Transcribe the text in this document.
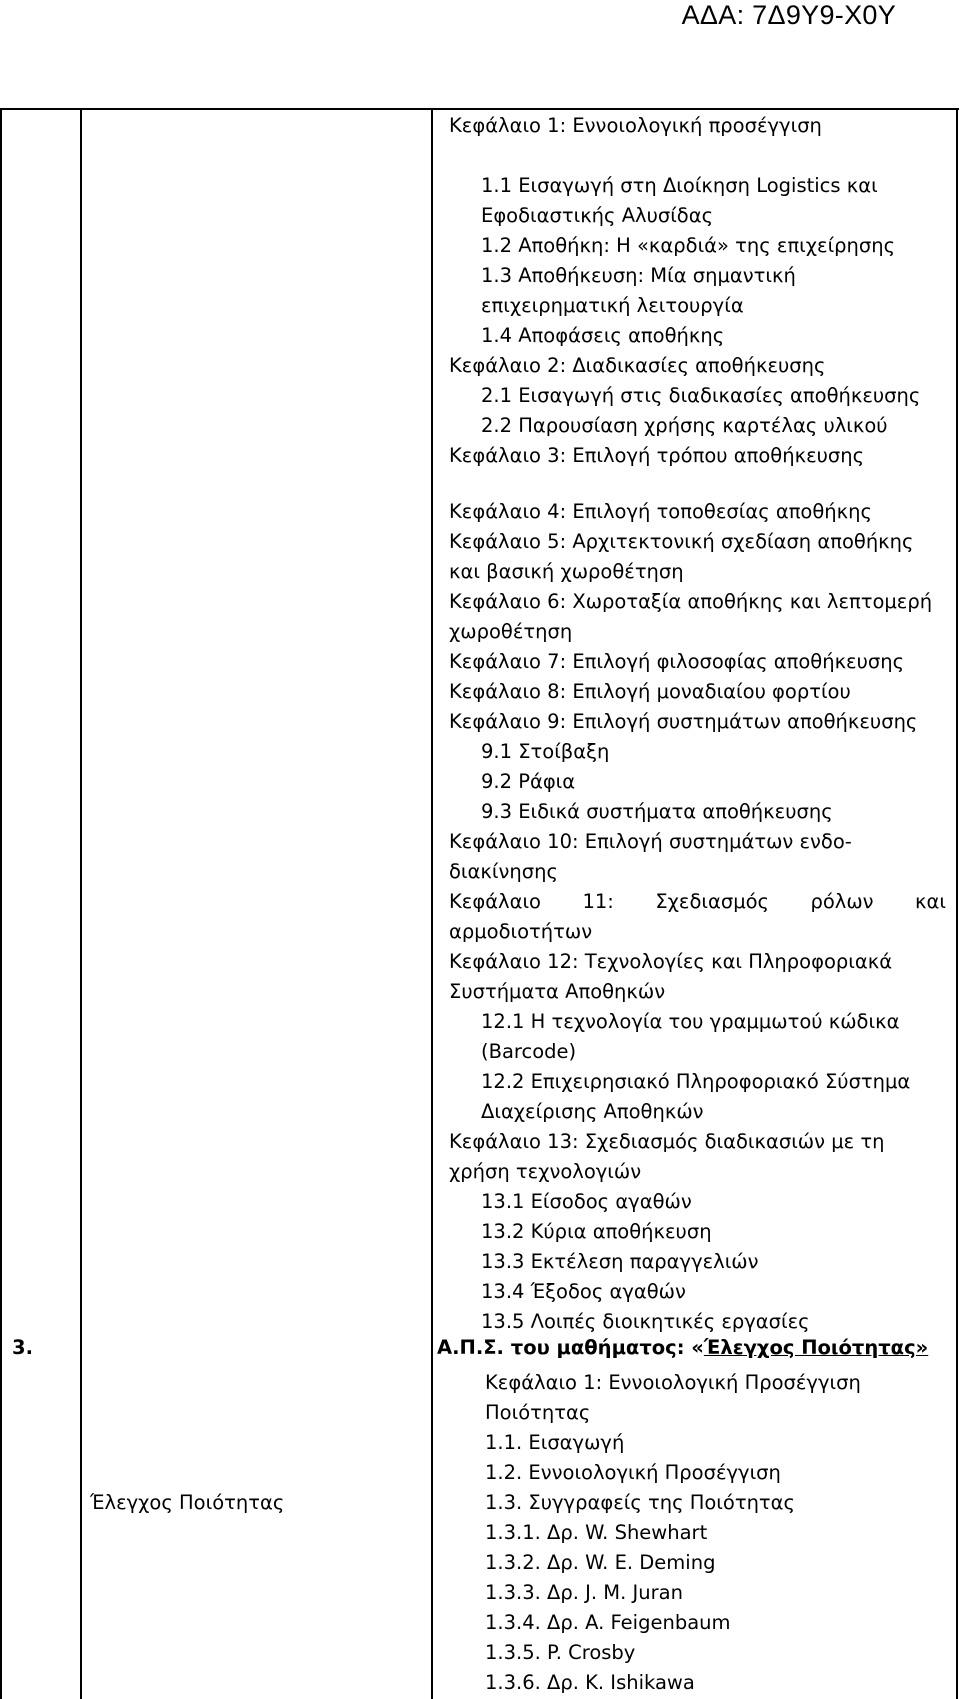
ΑΔΑ: 7Δ9Υ9-Χ0Υ
Κεφάλαιο 1: Εννοιολογική προσέγγιση
1.1 Εισαγωγή στη Διοίκηση Logistics και
Εφοδιαστικής Αλυσίδας
1.2 Αποθήκη: Η «καρδιά» της επιχείρησης
1.3 Αποθήκευση: Μία σημαντική
επιχειρηματική λειτουργία
1.4 Αποφάσεις αποθήκης
Κεφάλαιο 2: Διαδικασίες αποθήκευσης
2.1 Εισαγωγή στις διαδικασίες αποθήκευσης
2.2 Παρουσίαση χρήσης καρτέλας υλικού
Κεφάλαιο 3: Επιλογή τρόπου αποθήκευσης
Κεφάλαιο 4: Επιλογή τοποθεσίας αποθήκης
Κεφάλαιο 5: Αρχιτεκτονική σχεδίαση αποθήκης
και βασική χωροθέτηση
Κεφάλαιο 6: Χωροταξία αποθήκης και λεπτομερή
χωροθέτηση
Κεφάλαιο 7: Επιλογή φιλοσοφίας αποθήκευσης
Κεφάλαιο 8: Επιλογή μοναδιαίου φορτίου
Κεφάλαιο 9: Επιλογή συστημάτων αποθήκευσης
9.1 Στοίβαξη
9.2 Ράφια
9.3 Ειδικά συστήματα αποθήκευσης
Κεφάλαιο 10: Επιλογή συστημάτων ενδο-
διακίνησης
Κεφάλαιο 11: Σχεδιασμός ρόλων και
αρμοδιοτήτων
Κεφάλαιο 12: Τεχνολογίες και Πληροφοριακά
Συστήματα Αποθηκών
12.1 Η τεχνολογία του γραμμωτού κώδικα
(Barcode)
12.2 Επιχειρησιακό Πληροφοριακό Σύστημα
Διαχείρισης Αποθηκών
Κεφάλαιο 13: Σχεδιασμός διαδικασιών με τη
χρήση τεχνολογιών
13.1 Είσοδος αγαθών
13.2 Κύρια αποθήκευση
13.3 Εκτέλεση παραγγελιών
13.4 Έξοδος αγαθών
13.5 Λοιπές διοικητικές εργασίες
3.
Έλεγχος Ποιότητας
Α.Π.Σ. του μαθήματος: «Έλεγχος Ποιότητας»
Κεφάλαιο 1: Εννοιολογική Προσέγγιση
Ποιότητας
1.1. Εισαγωγή
1.2. Εννοιολογική Προσέγγιση
1.3. Συγγραφείς της Ποιότητας
1.3.1. Δρ. W. Shewhart
1.3.2. Δρ. W. E. Deming
1.3.3. Δρ. J. M. Juran
1.3.4. Δρ. A. Feigenbaum
1.3.5. P. Crosby
1.3.6. Δρ. K. Ishikawa
